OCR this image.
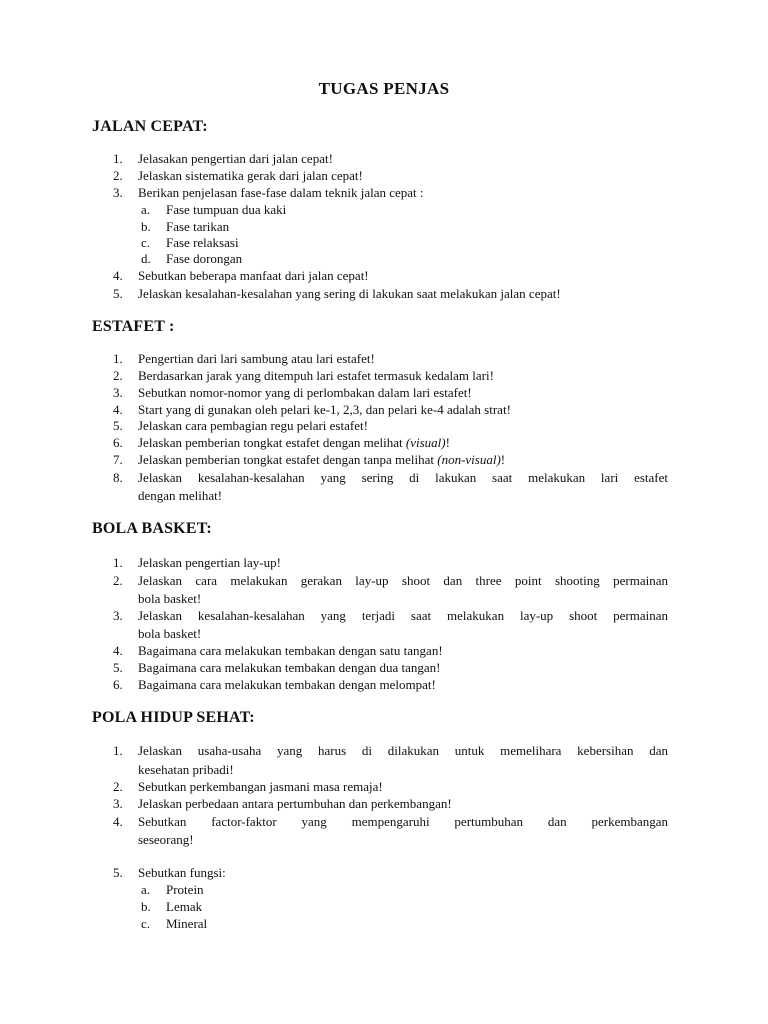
TUGAS PENJAS
JALAN CEPAT:
1.	Jelasakan pengertian dari jalan cepat!
2.	Jelaskan sistematika gerak dari jalan cepat!
3.	Berikan penjelasan fase-fase dalam teknik jalan cepat :
a.	Fase tumpuan dua kaki
b.	Fase tarikan
c.	Fase relaksasi
d.	Fase dorongan
4.	Sebutkan beberapa manfaat dari jalan cepat!
5.	Jelaskan kesalahan-kesalahan yang sering di lakukan saat melakukan jalan cepat!
ESTAFET :
1.	Pengertian dari lari sambung atau lari estafet!
2.	Berdasarkan jarak yang ditempuh lari estafet termasuk kedalam lari!
3.	Sebutkan nomor-nomor yang di perlombakan dalam lari estafet!
4.	Start yang di gunakan oleh pelari ke-1, 2,3, dan pelari ke-4 adalah strat!
5.	Jelaskan cara pembagian regu pelari estafet!
6.	Jelaskan pemberian tongkat estafet dengan melihat (visual)!
7.	Jelaskan pemberian tongkat estafet dengan tanpa melihat (non-visual)!
8.	Jelaskan kesalahan-kesalahan yang sering di lakukan saat melakukan lari estafet
dengan melihat!
BOLA BASKET:
1.	Jelaskan pengertian lay-up!
2.	Jelaskan cara melakukan gerakan lay-up shoot dan three point shooting permainan
bola basket!
3.	Jelaskan kesalahan-kesalahan yang terjadi saat melakukan lay-up shoot permainan
bola basket!
4.	Bagaimana cara melakukan tembakan dengan satu tangan!
5.	Bagaimana cara melakukan tembakan dengan dua tangan!
6.	Bagaimana cara melakukan tembakan dengan melompat!
POLA HIDUP SEHAT:
1.	Jelaskan usaha-usaha yang harus di dilakukan untuk memelihara kebersihan dan
kesehatan pribadi!
2.	Sebutkan perkembangan jasmani masa remaja!
3.	Jelaskan perbedaan antara pertumbuhan dan perkembangan!
4.	Sebutkan factor-faktor yang mempengaruhi pertumbuhan dan perkembangan
seseorang!
5.	Sebutkan fungsi:
a.	Protein
b.	Lemak
c.	Mineral
